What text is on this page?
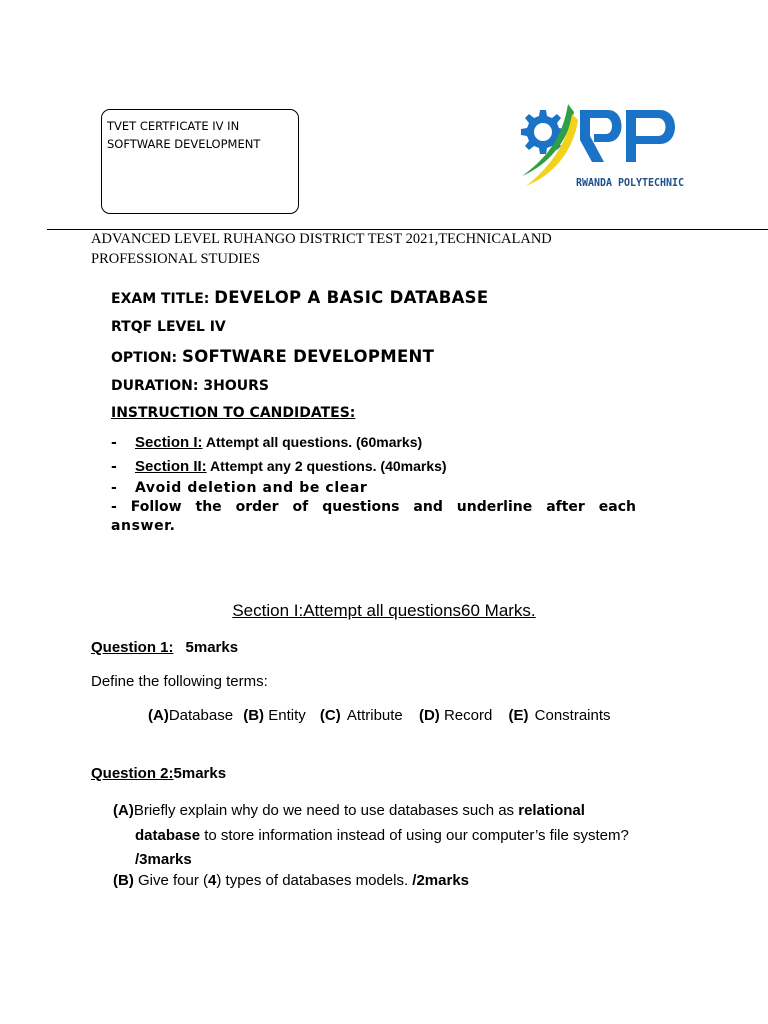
TVET CERTFICATE IV IN
SOFTWARE DEVELOPMENT
RWANDA POLYTECHNIC
ADVANCED LEVEL RUHANGO DISTRICT TEST 2021,TECHNICALAND
PROFESSIONAL STUDIES
EXAM TITLE: DEVELOP A BASIC DATABASE
RTQF LEVEL IV
OPTION: SOFTWARE DEVELOPMENT
DURATION: 3HOURS
INSTRUCTION TO CANDIDATES:
- Section I: Attempt all questions. (60marks)
- Section II: Attempt any 2 questions. (40marks)
- Avoid deletion and be clear
- Follow the order of questions and underline after each
answer.
Section I:Attempt all questions60 Marks.
Question 1: 5marks
Define the following terms:
(A)Database (B) Entity (C) Attribute (D) Record (E) Constraints
Question 2:5marks
(A)Briefly explain why do we need to use databases such as relational
database to store information instead of using our computer’s file system?
/3marks
(B) Give four (4) types of databases models. /2marks
